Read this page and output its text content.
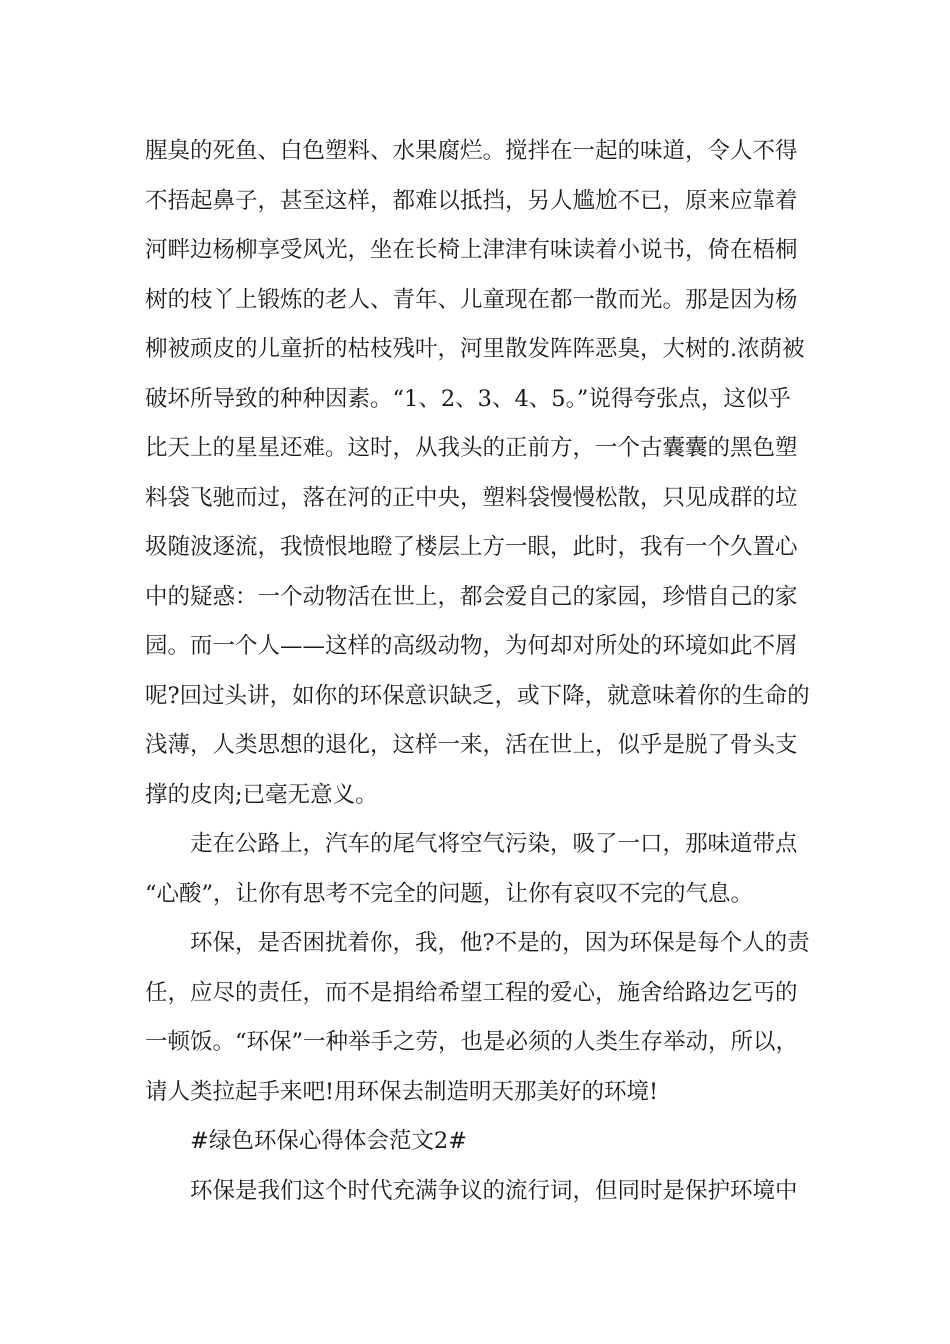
腥臭的死鱼、白色塑料、水果腐烂。搅拌在一起的味道，令人不得
不捂起鼻子，甚至这样，都难以抵挡，另人尴尬不已，原来应靠着
河畔边杨柳享受风光，坐在长椅上津津有味读着小说书，倚在梧桐
树的枝丫上锻炼的老人、青年、儿童现在都一散而光。那是因为杨
柳被顽皮的儿童折的枯枝残叶，河里散发阵阵恶臭，大树的.浓荫被
破坏所导致的种种因素。“1、2、3、4、5。”说得夸张点，这似乎
比天上的星星还难。这时，从我头的正前方，一个古囊囊的黑色塑
料袋飞驰而过，落在河的正中央，塑料袋慢慢松散，只见成群的垃
圾随波逐流，我愤恨地瞪了楼层上方一眼，此时，我有一个久置心
中的疑惑：一个动物活在世上，都会爱自己的家园，珍惜自己的家
园。而一个人——这样的高级动物，为何却对所处的环境如此不屑
呢?回过头讲，如你的环保意识缺乏，或下降，就意味着你的生命的
浅薄，人类思想的退化，这样一来，活在世上，似乎是脱了骨头支
撑的皮肉;已毫无意义。
走在公路上，汽车的尾气将空气污染，吸了一口，那味道带点
“心酸”，让你有思考不完全的问题，让你有哀叹不完的气息。
环保，是否困扰着你，我，他?不是的，因为环保是每个人的责
任，应尽的责任，而不是捐给希望工程的爱心，施舍给路边乞丐的
一顿饭。“环保”一种举手之劳，也是必须的人类生存举动，所以，
请人类拉起手来吧!用环保去制造明天那美好的环境!
#绿色环保心得体会范文2#
环保是我们这个时代充满争议的流行词，但同时是保护环境中
